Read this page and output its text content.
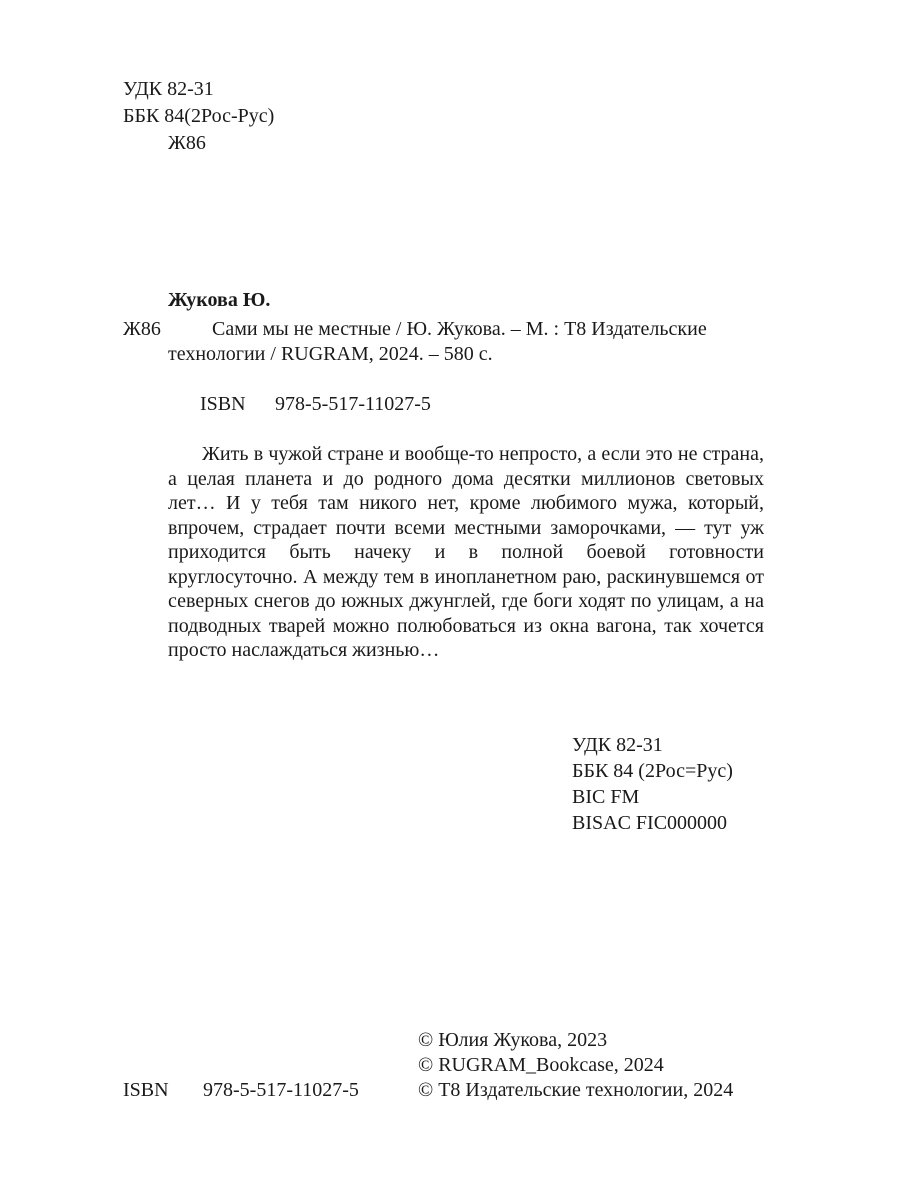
УДК 82-31

ББК 84(2Рос-Рус)

Ж86

Жукова Ю.

Ж86	Сами мы не местные / Ю. Жукова. – М. : Т8 Издательские

технологии / RUGRAM, 2024. – 580 с.

ISBN 978-5-517-11027-5

Жить в чужой стране и вообще-то непросто, а если это не страна, а целая планета и до родного дома десятки миллионов световых лет… И у тебя там никого нет, кроме любимого мужа, который, впрочем, страдает почти всеми местными заморочками, — тут уж приходится быть начеку и в полной боевой готовности круглосуточно. А между тем в инопланетном раю, раскинувшемся от северных снегов до южных джунглей, где боги ходят по улицам, а на подводных тварей можно полюбоваться из окна вагона, так хочется просто наслаждаться жизнью…

УДК 82-31

ББК 84 (2Рос=Рус)

BIC FM

BISAC FIC000000

© Юлия Жукова, 2023

© RUGRAM_Bookcase, 2024

ISBN 978-5-517-11027-5	© Т8 Издательские технологии, 2024
